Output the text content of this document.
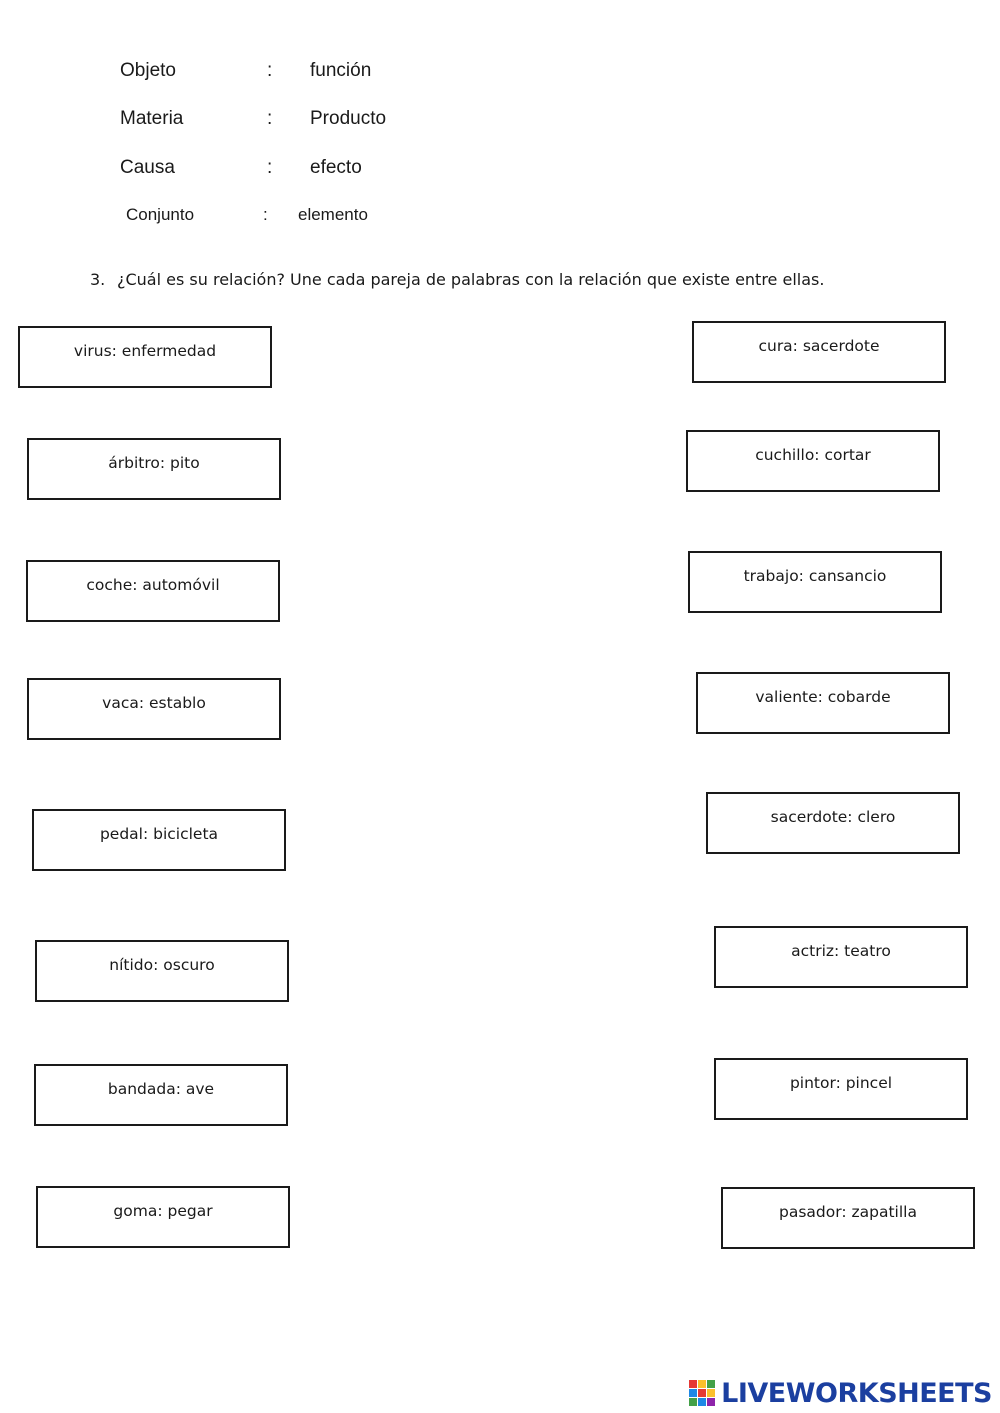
Objeto	: función
Materia	: Producto
Causa	: efecto
Conjunto	: elemento
3. ¿Cuál es su relación? Une cada pareja de palabras con la relación que existe entre ellas.
virus: enfermedad
árbitro: pito
coche: automóvil
vaca: establo
pedal: bicicleta
nítido: oscuro
bandada: ave
goma: pegar
cura: sacerdote
cuchillo: cortar
trabajo: cansancio
valiente: cobarde
sacerdote: clero
actriz: teatro
pintor: pincel
pasador: zapatilla
LIVEWORKSHEETS
